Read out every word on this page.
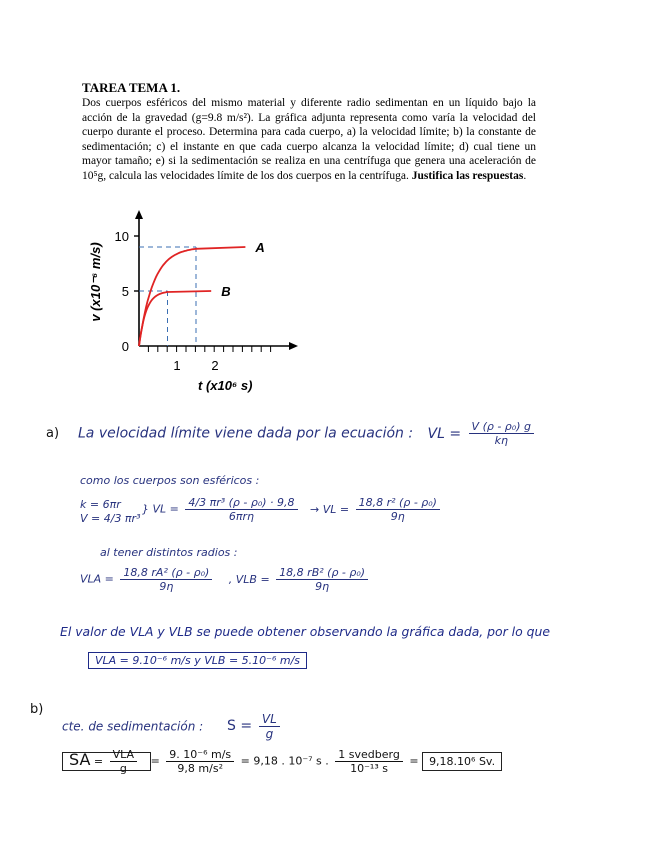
TAREA TEMA 1.
Dos cuerpos esféricos del mismo material y diferente radio sedimentan en un líquido bajo la acción de la gravedad (g=9.8 m/s²). La gráfica adjunta representa como varía la velocidad del cuerpo durante el proceso. Determina para cada cuerpo, a) la velocidad límite; b) la constante de sedimentación; c) el instante en que cada cuerpo alcanza la velocidad límite; d) cual tiene un mayor tamaño; e) si la sedimentación se realiza en una centrífuga que genera una aceleración de 10⁵g, calcula las velocidades límite de los dos cuerpos en la centrífuga. Justifica las respuestas.
A
B
1 2
0
5
10
t (x10⁶ s)
v (x10⁻⁶ m/s)
a) La velocidad límite viene dada por la ecuación : VL = $\frac{\text{V (ρ - ρ₀) g}}{k\eta}$
como los cuerpos son esféricos :
k = 6πr
V = 4/3 πr³
} VL = $\frac{\text{4/3 πr³ (ρ - ρ₀) · 9,8}}{\text{6πrη}}$ → VL = $\frac{\text{18,8 r² (ρ - ρ₀)}}{9\eta}$
al tener distintos radios :
VLA = $\frac{\text{18,8 rA² (ρ - ρ₀)}}{9\eta}$ , VLB = $\frac{\text{18,8 rB² (ρ - ρ₀)}}{9\eta}$
El valor de VLA y VLB se puede obtener observando la gráfica dada, por lo que
VLA = 9.10⁻⁶ m/s y VLB = 5.10⁻⁶ m/s
b)
cte. de sedimentación : $S = \frac{VL}{g}$
SA = $\frac{\text{VLA}}{g} = \frac{\text{9. 10⁻⁶ m/s}}{\text{9,8 m/s²}} = 9,18$ . 10⁻⁷ s . $\frac{\text{1 svedberg}}{\text{10⁻¹³ s}} = 9,18.10^6$ Sv.
